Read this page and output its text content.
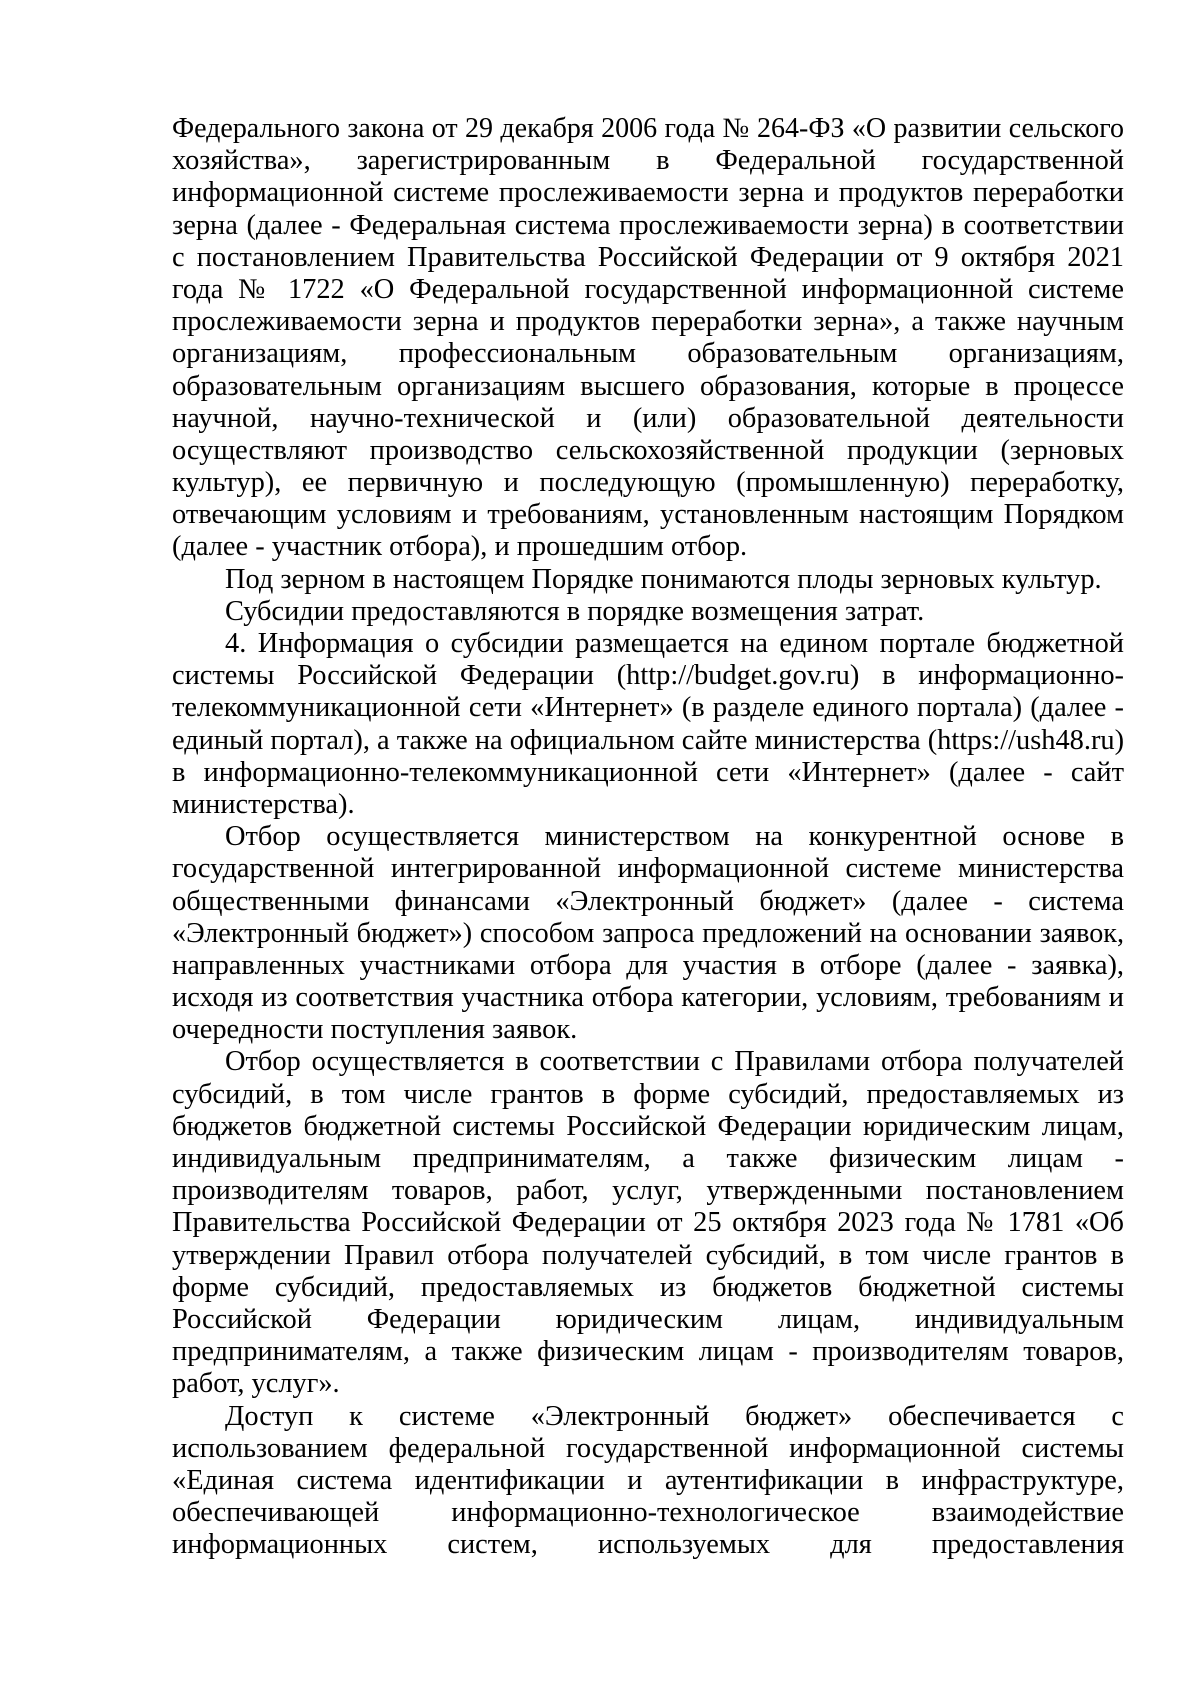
Федерального закона от 29 декабря 2006 года № 264-ФЗ «О развитии сельского
хозяйства», зарегистрированным в Федеральной государственной
информационной системе прослеживаемости зерна и продуктов переработки
зерна (далее - Федеральная система прослеживаемости зерна) в соответствии
с постановлением Правительства Российской Федерации от 9 октября 2021
года № 1722 «О Федеральной государственной информационной системе
прослеживаемости зерна и продуктов переработки зерна», а также научным
организациям, профессиональным образовательным организациям,
образовательным организациям высшего образования, которые в процессе
научной, научно-технической и (или) образовательной деятельности
осуществляют производство сельскохозяйственной продукции (зерновых
культур), ее первичную и последующую (промышленную) переработку,
отвечающим условиям и требованиям, установленным настоящим Порядком
(далее - участник отбора), и прошедшим отбор.
Под зерном в настоящем Порядке понимаются плоды зерновых культур.
Субсидии предоставляются в порядке возмещения затрат.
4. Информация о субсидии размещается на едином портале бюджетной
системы Российской Федерации (http://budget.gov.ru) в информационно-
телекоммуникационной сети «Интернет» (в разделе единого портала) (далее -
единый портал), а также на официальном сайте министерства (https://ush48.ru)
в информационно-телекоммуникационной сети «Интернет» (далее - сайт
министерства).
Отбор осуществляется министерством на конкурентной основе в
государственной интегрированной информационной системе министерства
общественными финансами «Электронный бюджет» (далее - система
«Электронный бюджет») способом запроса предложений на основании заявок,
направленных участниками отбора для участия в отборе (далее - заявка),
исходя из соответствия участника отбора категории, условиям, требованиям и
очередности поступления заявок.
Отбор осуществляется в соответствии с Правилами отбора получателей
субсидий, в том числе грантов в форме субсидий, предоставляемых из
бюджетов бюджетной системы Российской Федерации юридическим лицам,
индивидуальным предпринимателям, а также физическим лицам -
производителям товаров, работ, услуг, утвержденными постановлением
Правительства Российской Федерации от 25 октября 2023 года № 1781 «Об
утверждении Правил отбора получателей субсидий, в том числе грантов в
форме субсидий, предоставляемых из бюджетов бюджетной системы
Российской Федерации юридическим лицам, индивидуальным
предпринимателям, а также физическим лицам - производителям товаров,
работ, услуг».
Доступ к системе «Электронный бюджет» обеспечивается с
использованием федеральной государственной информационной системы
«Единая система идентификации и аутентификации в инфраструктуре,
обеспечивающей информационно-технологическое взаимодействие
информационных систем, используемых для предоставления
